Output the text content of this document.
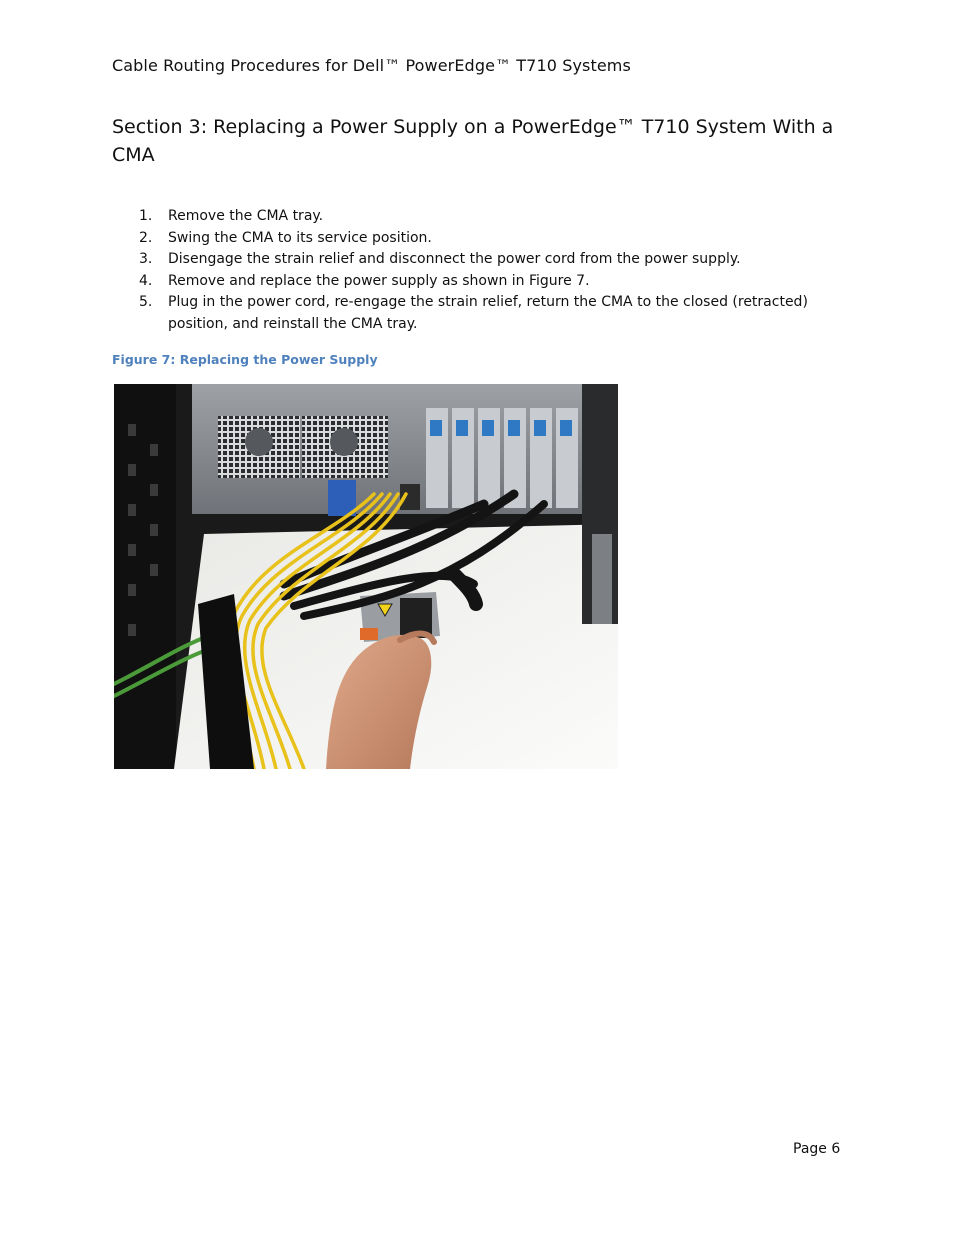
Cable Routing Procedures for Dell™ PowerEdge™ T710 Systems
Section 3: Replacing a Power Supply on a PowerEdge™ T710 System With a CMA
1. Remove the CMA tray.
2. Swing the CMA to its service position.
3. Disengage the strain relief and disconnect the power cord from the power supply.
4. Remove and replace the power supply as shown in Figure 7.
5. Plug in the power cord, re-engage the strain relief, return the CMA to the closed (retracted) position, and reinstall the CMA tray.

Figure 7: Replacing the Power Supply

Page 6
